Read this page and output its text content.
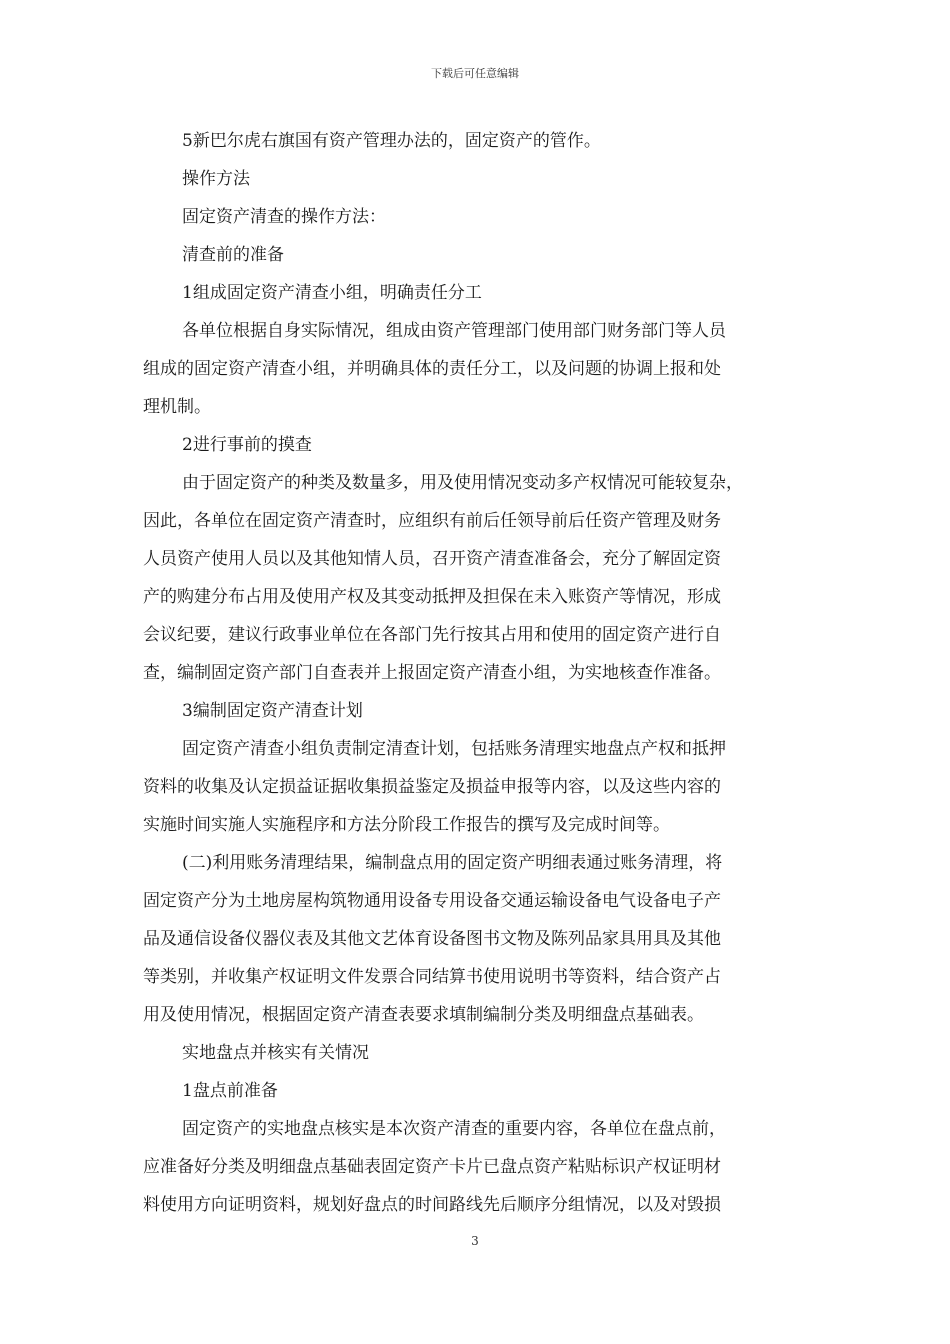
下载后可任意编辑
5新巴尔虎右旗国有资产管理办法的，固定资产的管作。
操作方法
固定资产清查的操作方法：
清查前的准备
1组成固定资产清查小组，明确责任分工
各单位根据自身实际情况，组成由资产管理部门使用部门财务部门等人员
组成的固定资产清查小组，并明确具体的责任分工，以及问题的协调上报和处
理机制。
2进行事前的摸查
由于固定资产的种类及数量多，用及使用情况变动多产权情况可能较复杂，
因此，各单位在固定资产清查时，应组织有前后任领导前后任资产管理及财务
人员资产使用人员以及其他知情人员，召开资产清查准备会，充分了解固定资
产的购建分布占用及使用产权及其变动抵押及担保在未入账资产等情况，形成
会议纪要，建议行政事业单位在各部门先行按其占用和使用的固定资产进行自
查，编制固定资产部门自查表并上报固定资产清查小组，为实地核查作准备。
3编制固定资产清查计划
固定资产清查小组负责制定清查计划，包括账务清理实地盘点产权和抵押
资料的收集及认定损益证据收集损益鉴定及损益申报等内容，以及这些内容的
实施时间实施人实施程序和方法分阶段工作报告的撰写及完成时间等。
(二)利用账务清理结果，编制盘点用的固定资产明细表通过账务清理，将
固定资产分为土地房屋构筑物通用设备专用设备交通运输设备电气设备电子产
品及通信设备仪器仪表及其他文艺体育设备图书文物及陈列品家具用具及其他
等类别，并收集产权证明文件发票合同结算书使用说明书等资料，结合资产占
用及使用情况，根据固定资产清查表要求填制编制分类及明细盘点基础表。
实地盘点并核实有关情况
1盘点前准备
固定资产的实地盘点核实是本次资产清查的重要内容，各单位在盘点前，
应准备好分类及明细盘点基础表固定资产卡片已盘点资产粘贴标识产权证明材
料使用方向证明资料，规划好盘点的时间路线先后顺序分组情况，以及对毁损
3
